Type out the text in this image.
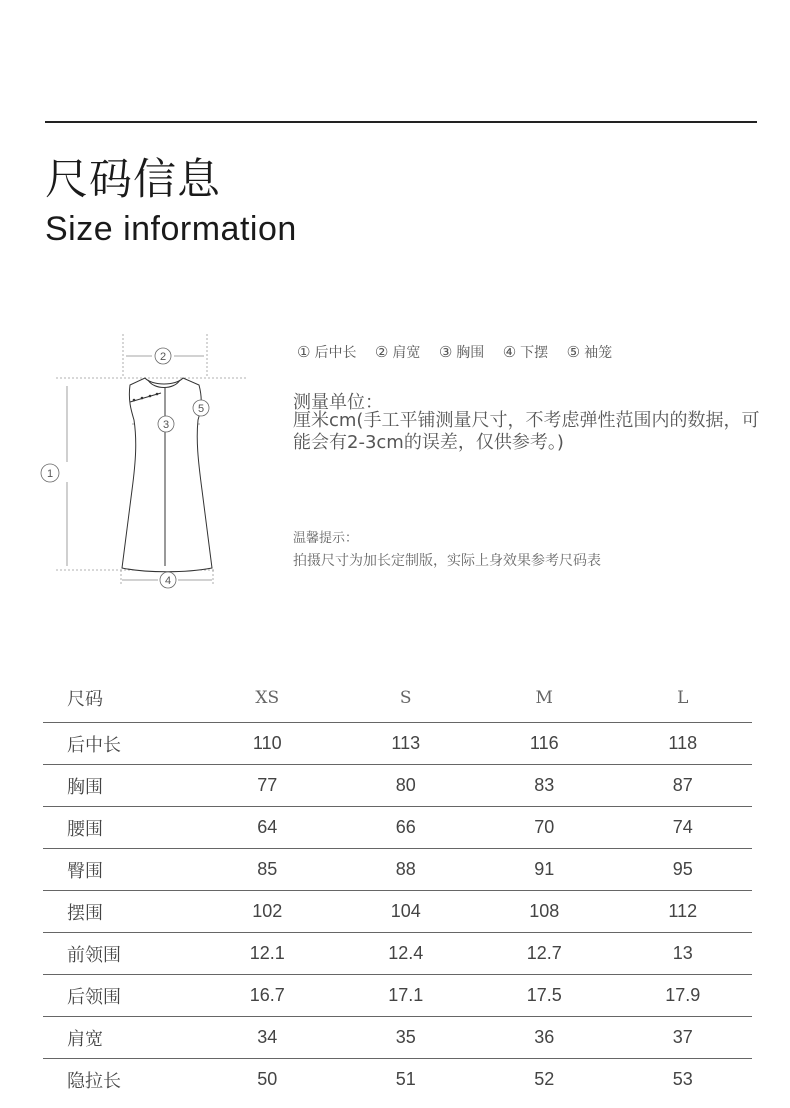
尺码信息
Size information
2
1
3
4
5
① 后中长 ② 肩宽 ③ 胸围 ④ 下摆 ⑤ 袖笼
测量单位：
厘米cm(手工平铺测量尺寸，不考虑弹性范围内的数据，可能会有2-3cm的误差，仅供参考。)
温馨提示：
拍摄尺寸为加长定制版，实际上身效果参考尺码表
尺码	XS	S	M	L
后中长	110	113	116	118
胸围	77	80	83	87
腰围	64	66	70	74
臀围	85	88	91	95
摆围	102	104	108	112
前领围	12.1	12.4	12.7	13
后领围	16.7	17.1	17.5	17.9
肩宽	34	35	36	37
隐拉长	50	51	52	53
